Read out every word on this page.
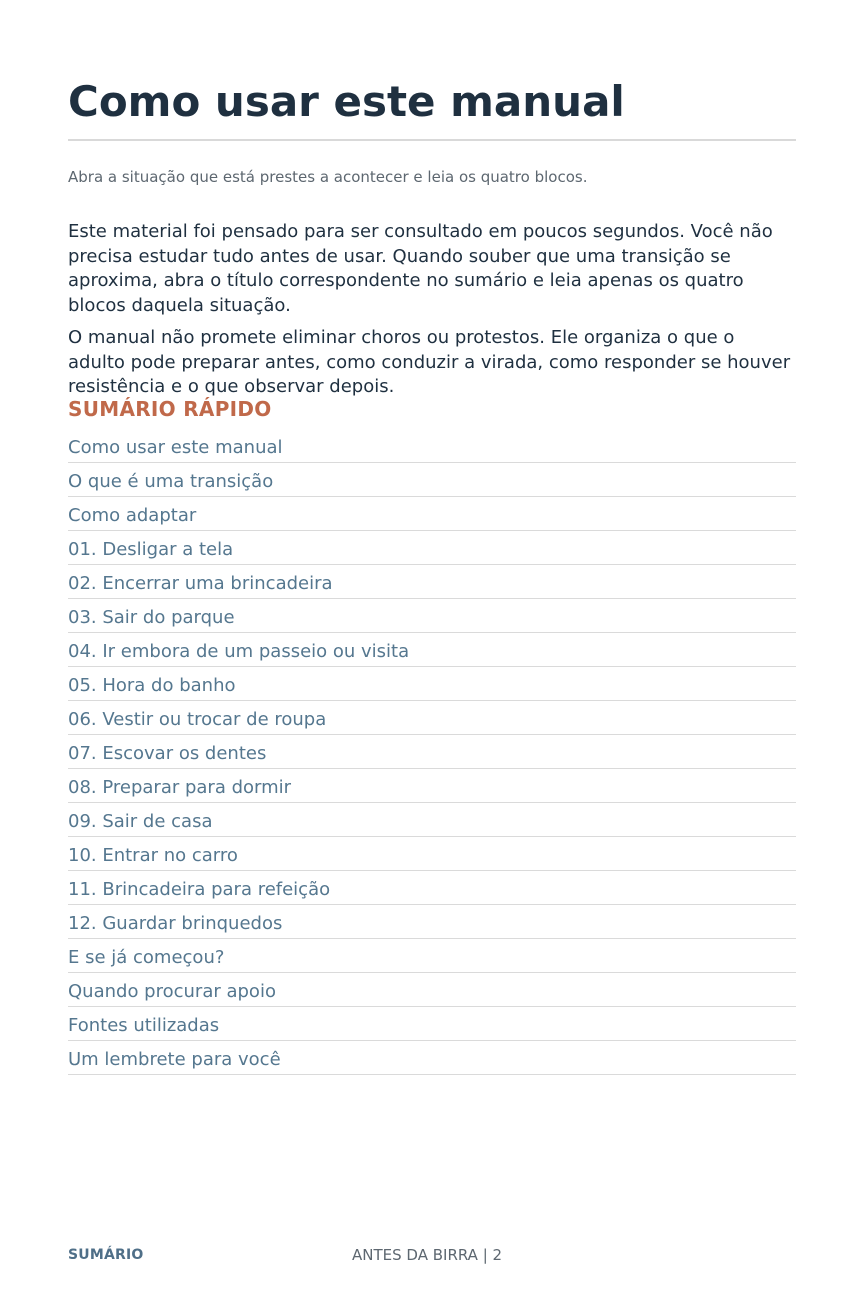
Como usar este manual
Abra a situação que está prestes a acontecer e leia os quatro blocos.

Este material foi pensado para ser consultado em poucos segundos. Você não precisa estudar tudo antes de usar. Quando souber que uma transição se aproxima, abra o título correspondente no sumário e leia apenas os quatro blocos daquela situação.

O manual não promete eliminar choros ou protestos. Ele organiza o que o adulto pode preparar antes, como conduzir a virada, como responder se houver resistência e o que observar depois.

SUMÁRIO RÁPIDO
Como usar este manual
O que é uma transição
Como adaptar
01. Desligar a tela
02. Encerrar uma brincadeira
03. Sair do parque
04. Ir embora de um passeio ou visita
05. Hora do banho
06. Vestir ou trocar de roupa
07. Escovar os dentes
08. Preparar para dormir
09. Sair de casa
10. Entrar no carro
11. Brincadeira para refeição
12. Guardar brinquedos
E se já começou?
Quando procurar apoio
Fontes utilizadas
Um lembrete para você
SUMÁRIO	ANTES DA BIRRA | 2
